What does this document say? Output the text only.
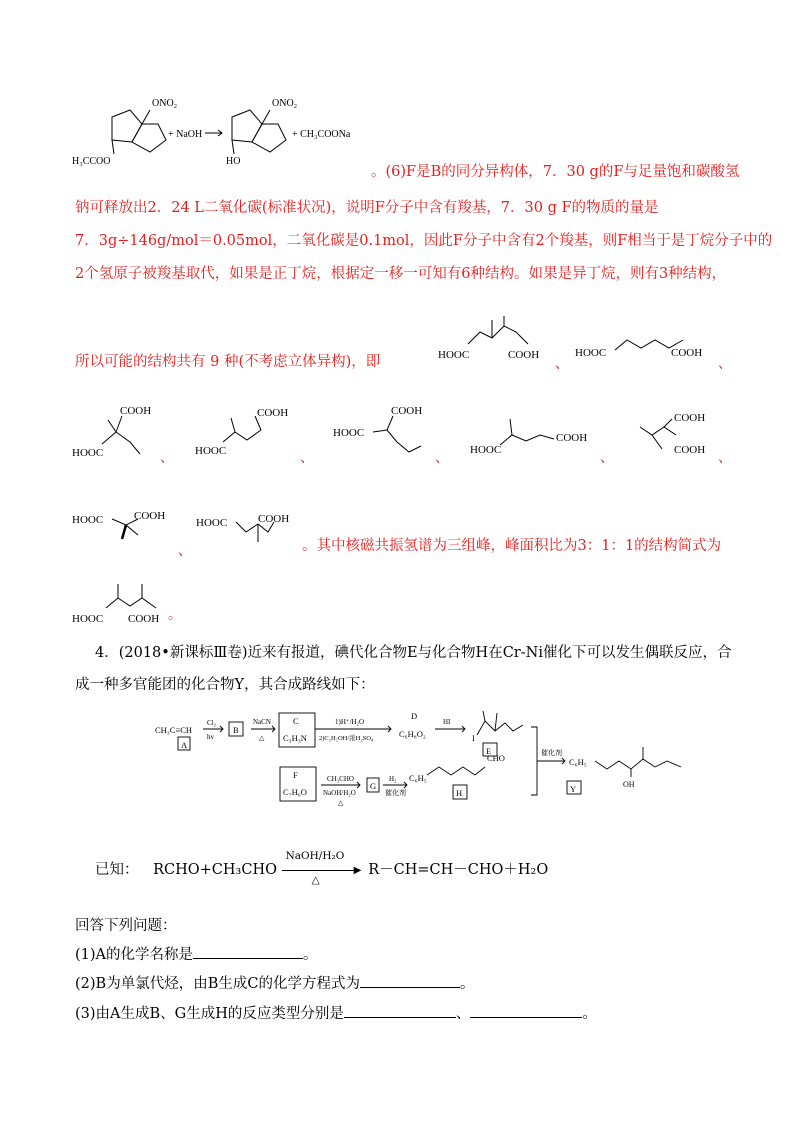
ONO₂	ONO₂
H₃CCOO	HO
+ NaOH	+ CH₃COONa
。(6)F是B的同分异构体，7．30 g的F与足量饱和碳酸氢
钠可释放出2．24 L二氧化碳(标准状况)，说明F分子中含有羧基，7．30 g F的物质的量是
7．3g÷146g/mol＝0.05mol，二氧化碳是0.1mol，因此F分子中含有2个羧基，则F相当于是丁烷分子中的
2个氢原子被羧基取代，如果是正丁烷，根据定一移一可知有6种结构。如果是异丁烷，则有3种结构，
所以可能的结构共有 9 种(不考虑立体异构)，即	HOOC	COOH
、
HOOC	COOH
、
COOH
HOOC	、
COOH
HOOC	、
COOH
HOOC
、
COOH
HOOC	、
COOH
COOH 、
HOOC	COOH
、
HOOC	COOH
。其中核磁共振氢谱为三组峰，峰面积比为3：1：1的结构简式为
HOOC COOH 。
4．(2018•新课标Ⅲ卷)近来有报道，碘代化合物E与化合物H在Cr-Ni催化下可以发生偶联反应，合
成一种多官能团的化合物Y，其合成路线如下：
CH₃C≡CH
A
Cl₂
hv
B
NaCN
△
C
C₃H₃N
1)H⁺/H₂O
2)C₂H₅OH/浓H₂SO₄
D
C₆H₈O₂
HI
E
I
催化剂
C₆H₅
OH
Y
F
C₇H₆O
CH₃CHO
NaOH/H₂O
△
G
H₂
催化剂
C₆H₅
CHO
H
已知： RCHO+CH₃CHO
NaOH/H₂O
▶
△
R－CH=CH－CHO＋H₂O
回答下列问题：
(1)A的化学名称是	。
(2)B为单氯代烃，由B生成C的化学方程式为	。
(3)由A生成B、G生成H的反应类型分别是	、	。
